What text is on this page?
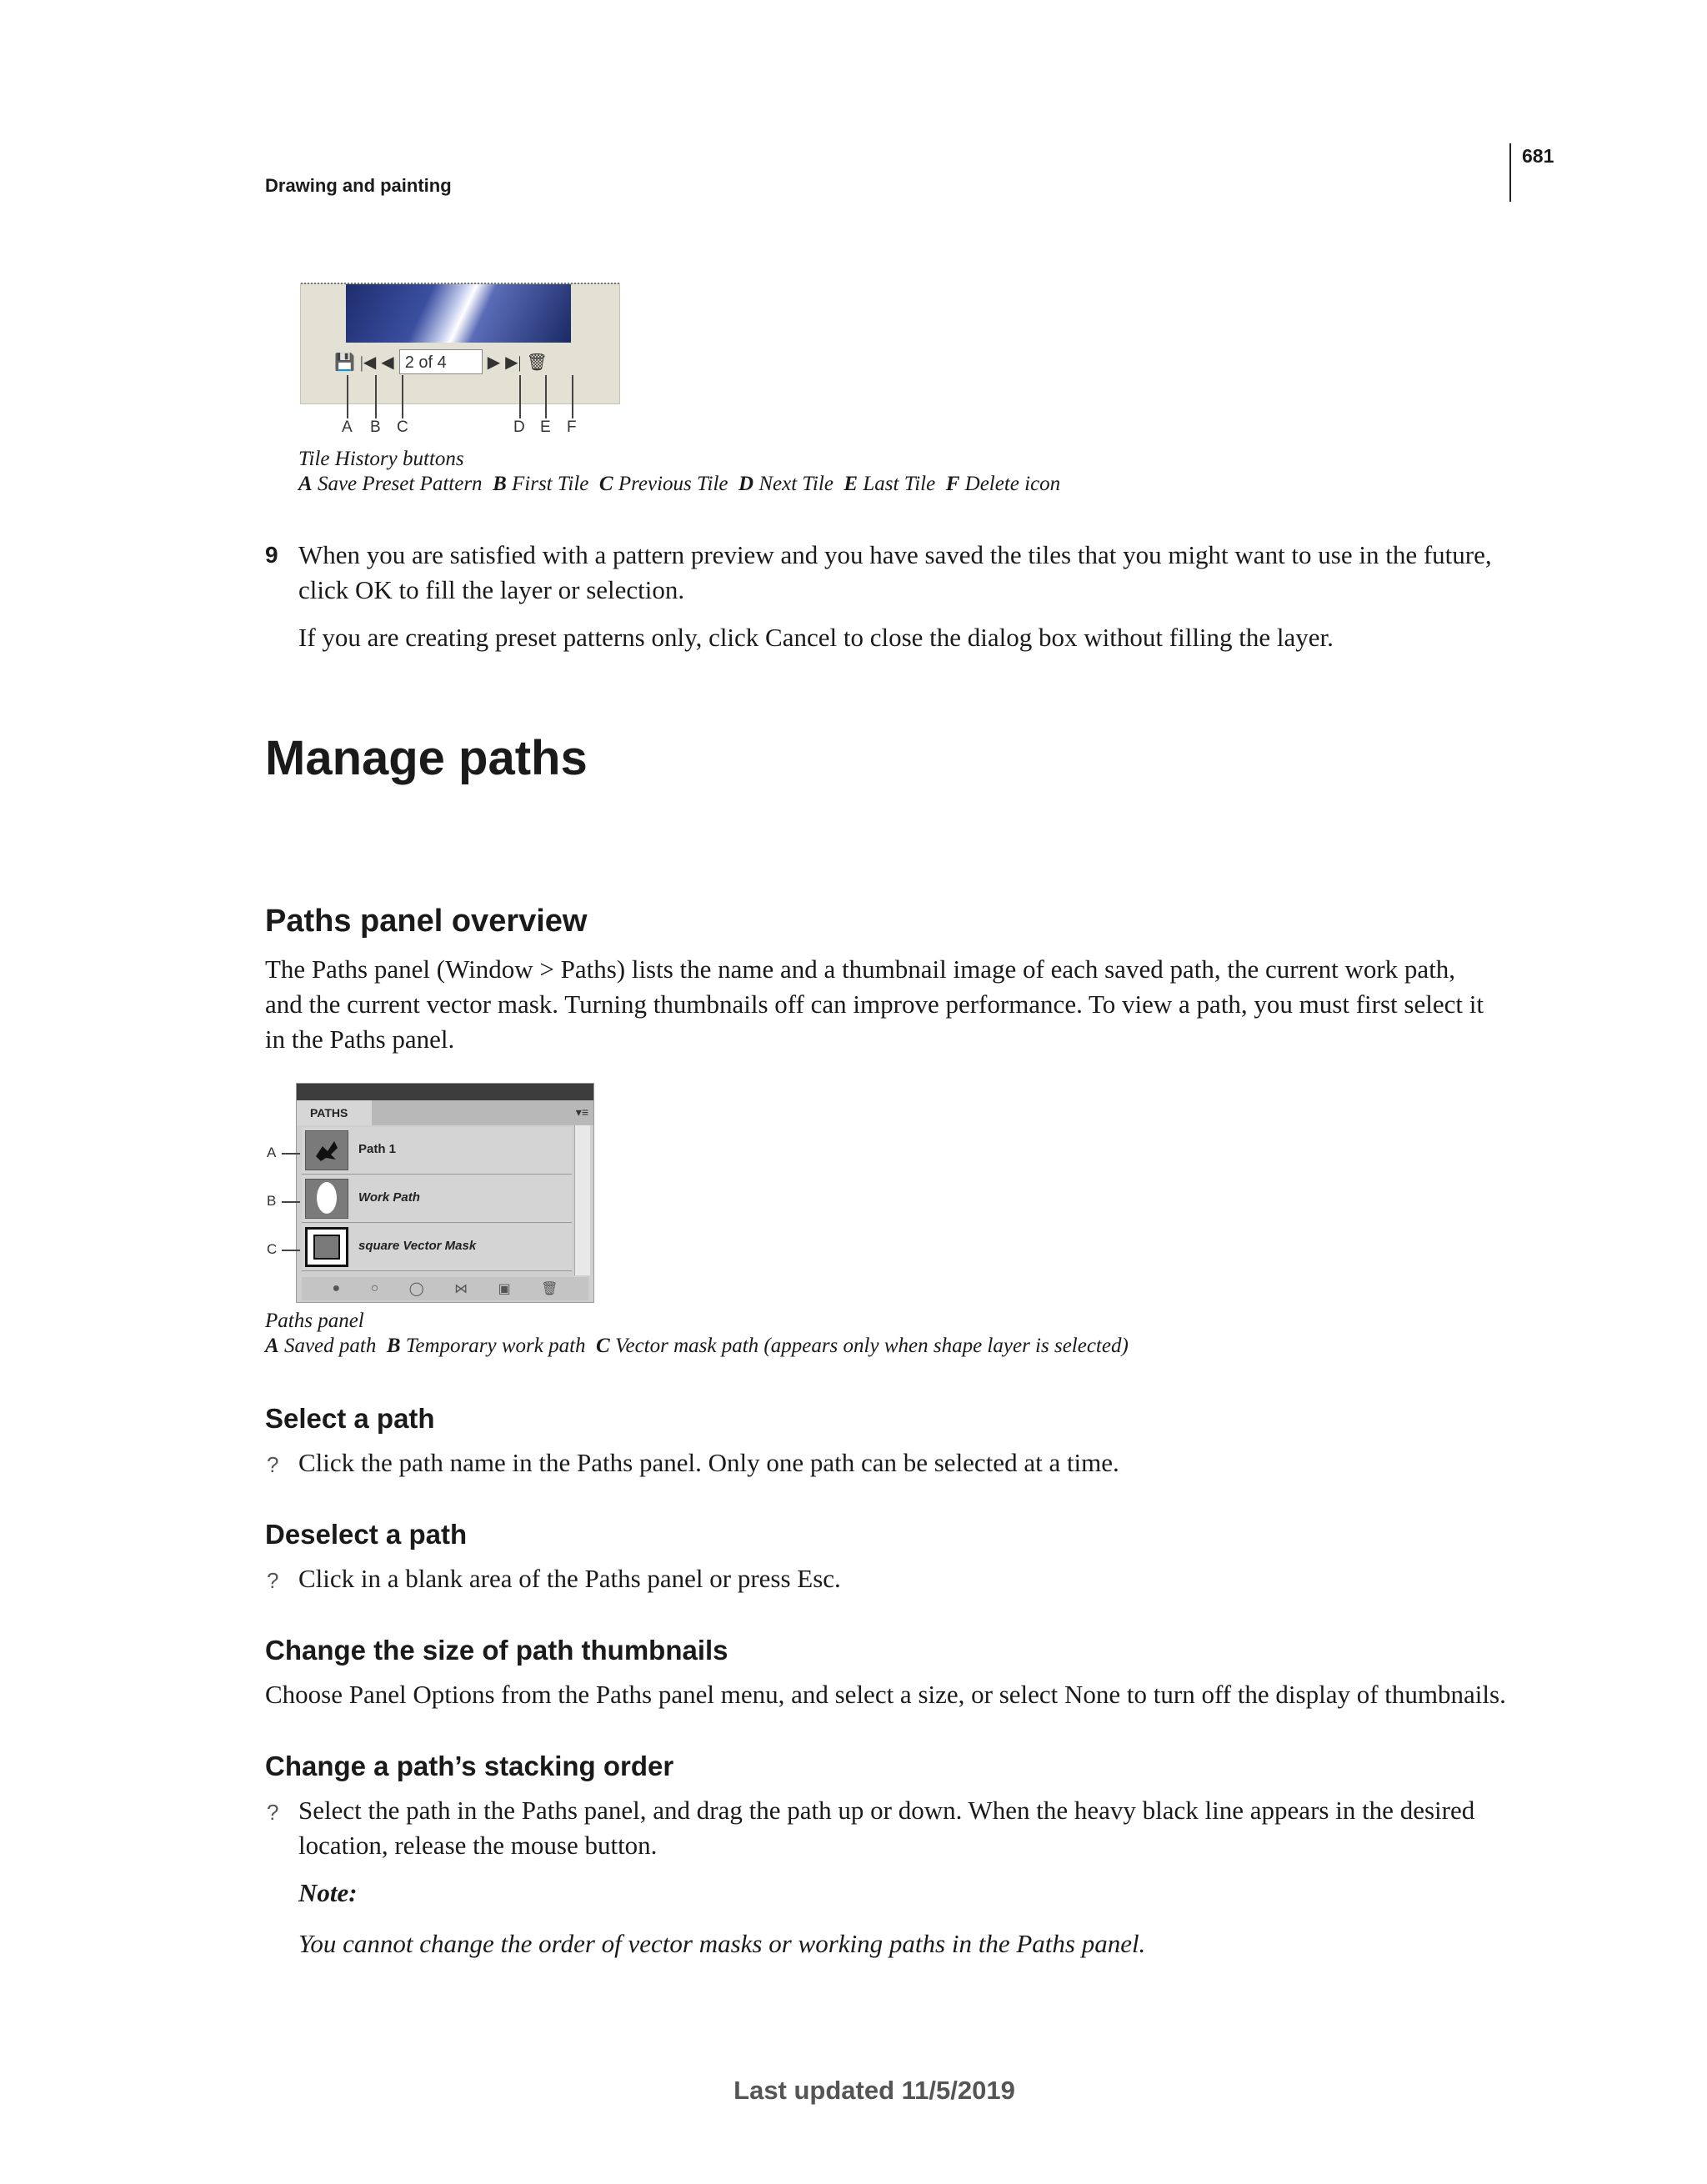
Drawing and painting
681
💾 |◀ ◀ 2 of 4	▶ ▶| 🗑
A B C	D E F
Tile History buttons
A Save Preset Pattern B First Tile C Previous Tile D Next Tile E Last Tile F Delete icon
9 When you are satisfied with a pattern preview and you have saved the tiles that you might want to use in the future,
click OK to fill the layer or selection.
If you are creating preset patterns only, click Cancel to close the dialog box without filling the layer.
Manage paths
Paths panel overview
The Paths panel (Window > Paths) lists the name and a thumbnail image of each saved path, the current work path,
and the current vector mask. Turning thumbnails off can improve performance. To view a path, you must first select it
in the Paths panel.
PATHS	▾≡
Path 1
Work Path
square Vector Mask
● ○ ◯ ⋈ ▣ 🗑
A
B
C
Paths panel
A Saved path B Temporary work path C Vector mask path (appears only when shape layer is selected)
Select a path
? Click the path name in the Paths panel. Only one path can be selected at a time.
Deselect a path
? Click in a blank area of the Paths panel or press Esc.
Change the size of path thumbnails
Choose Panel Options from the Paths panel menu, and select a size, or select None to turn off the display of thumbnails.
Change a path’s stacking order
? Select the path in the Paths panel, and drag the path up or down. When the heavy black line appears in the desired
location, release the mouse button.
Note:
You cannot change the order of vector masks or working paths in the Paths panel.
Last updated 11/5/2019
